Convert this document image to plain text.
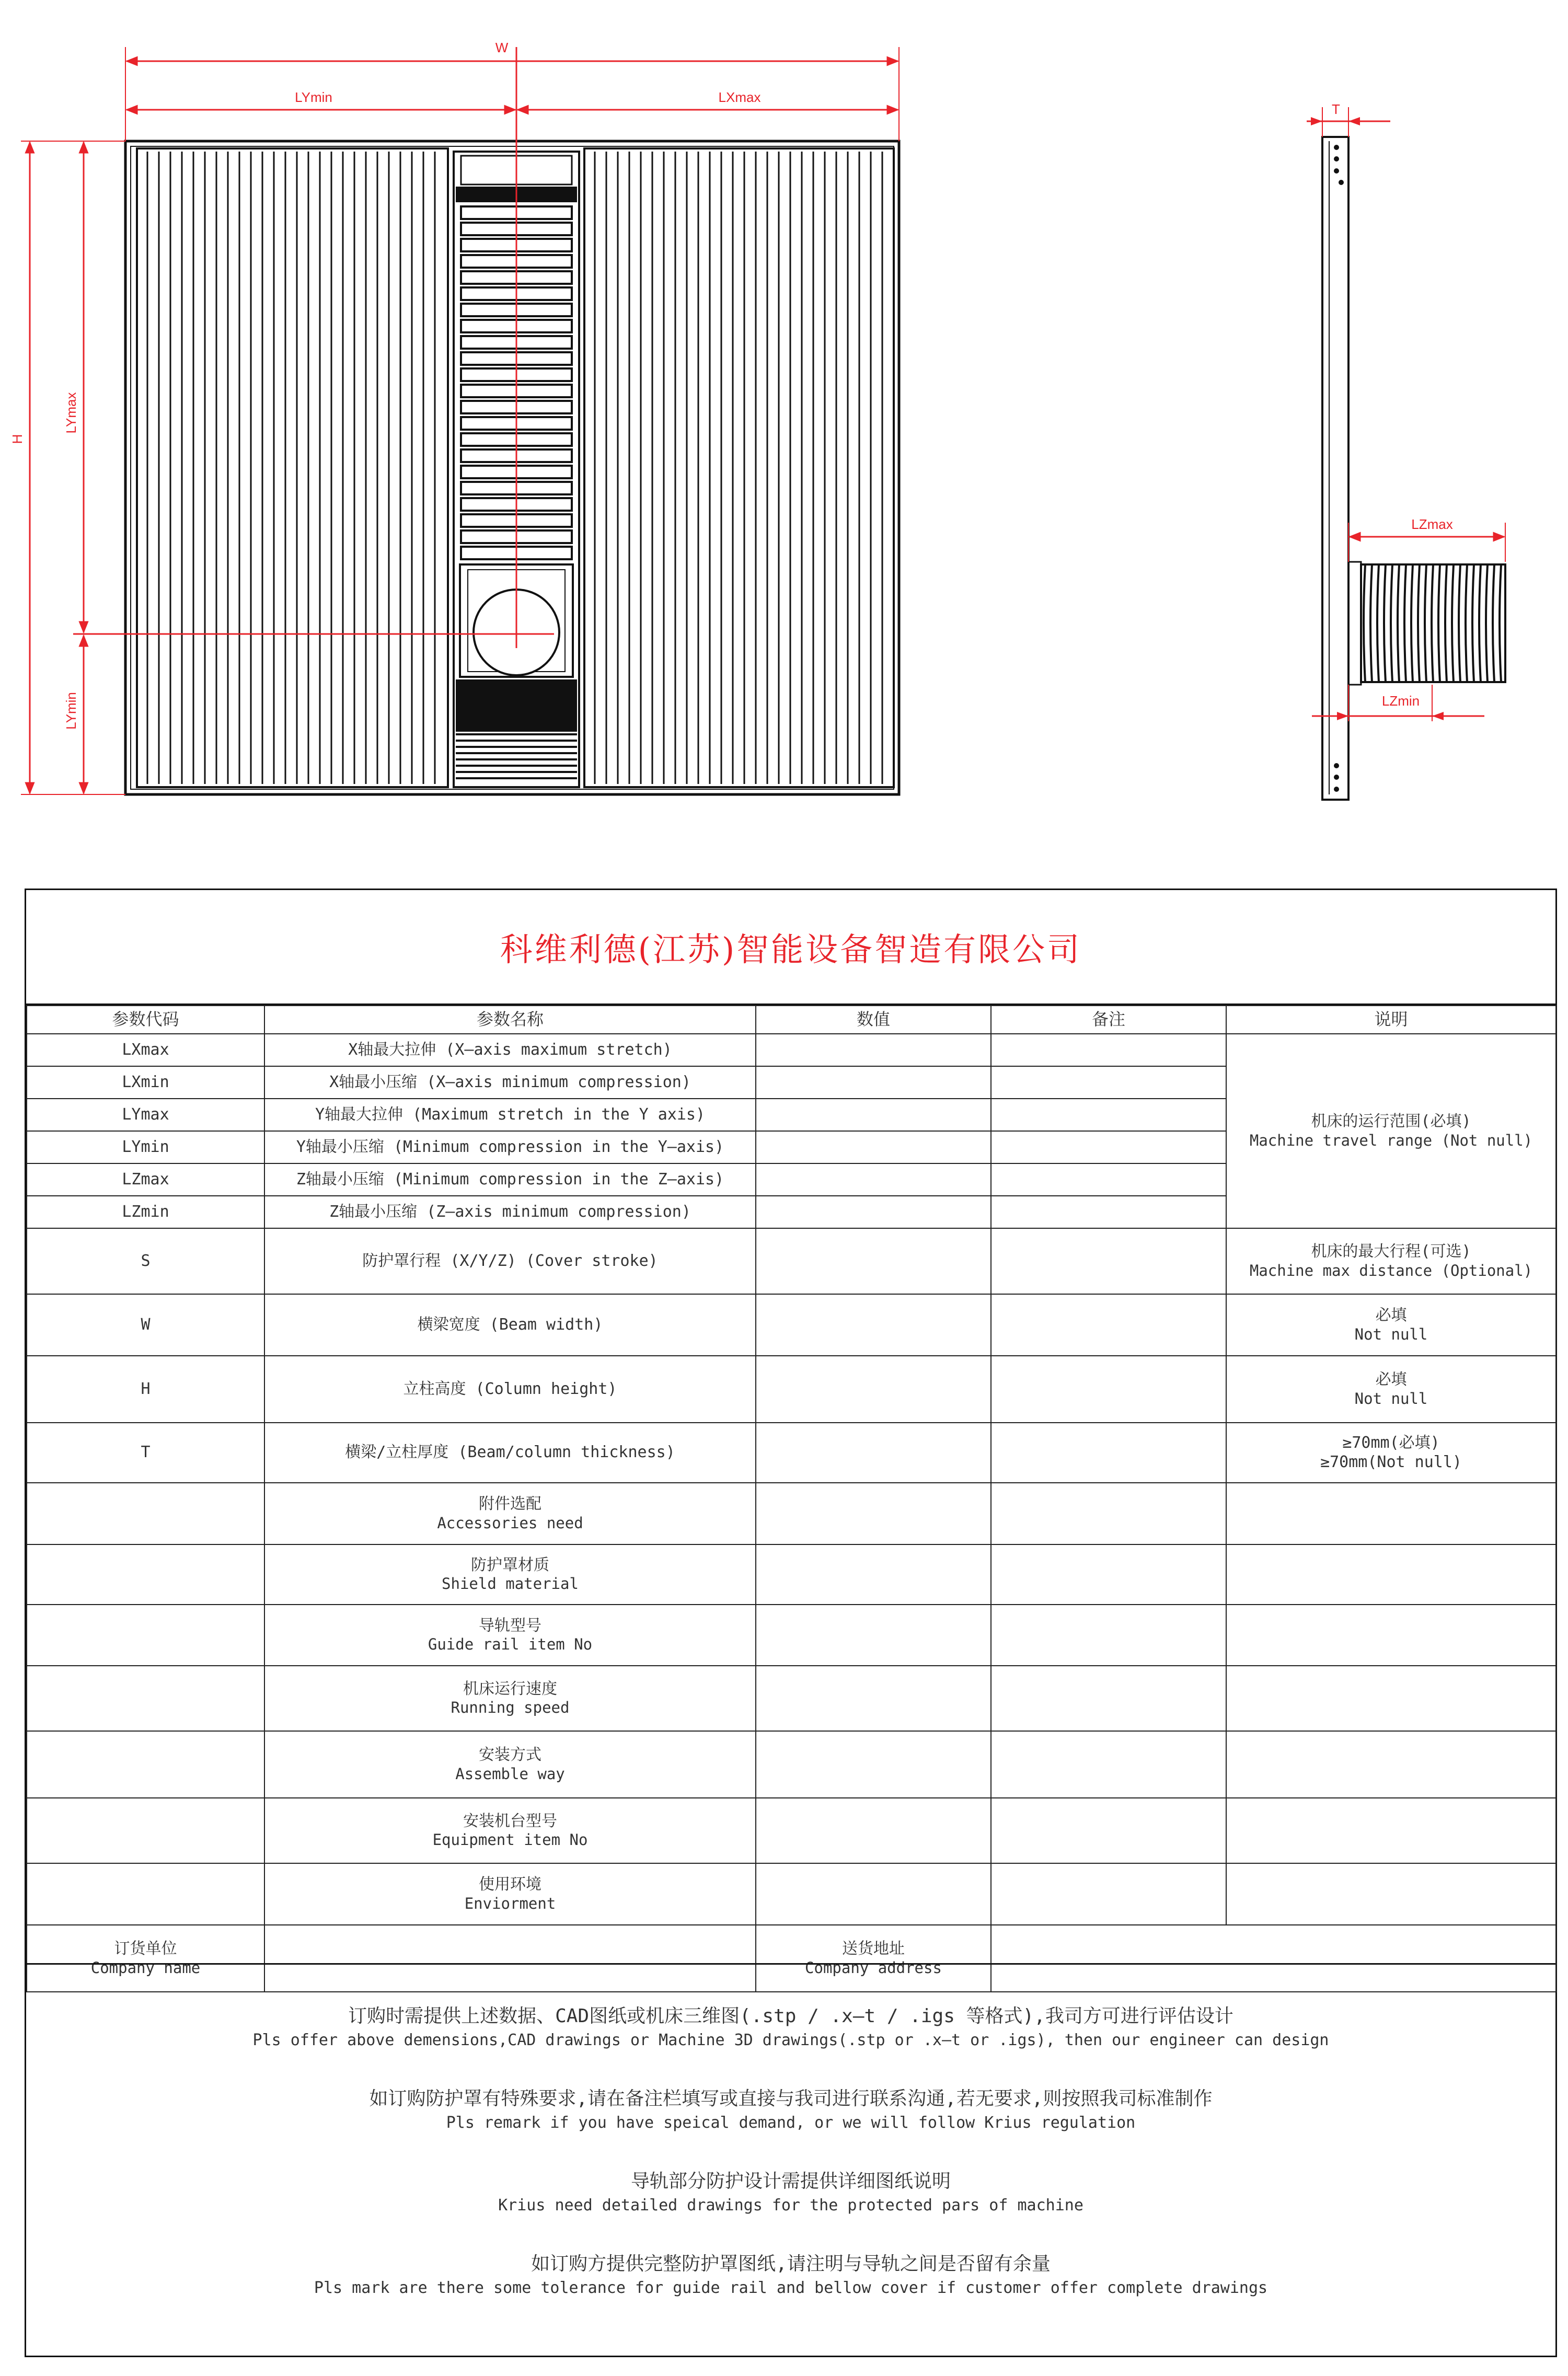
W
LYmin	LXmax
H
LYmax
LYmin
T
LZmax
LZmin
科维利德(江苏)智能设备智造有限公司
参数代码	参数名称	数值	备注	说明
LXmax	X轴最大拉伸 (X—axis maximum stretch)			机床的运行范围(必填)
Machine travel range (Not null)

LXmin	X轴最小压缩 (X—axis minimum compression)			
LYmax	Y轴最大拉伸 (Maximum stretch in the Y axis)			
LYmin	Y轴最小压缩 (Minimum compression in the Y—axis)			
LZmax	Z轴最小压缩 (Minimum compression in the Z—axis)			
LZmin	Z轴最小压缩 (Z—axis minimum compression)			
S	防护罩行程 (X/Y/Z) (Cover stroke)			机床的最大行程(可选)
Machine max distance (Optional)

W	横梁宽度 (Beam width)			必填
Not null

H	立柱高度 (Column height)			必填
Not null

T	横梁/立柱厚度 (Beam/column thickness)			≥70mm(必填)
≥70mm(Not null)

	附件选配
Accessories need			

	防护罩材质
Shield material			

	导轨型号
Guide rail item No			

	机床运行速度
Running speed			

	安装方式
Assemble way			

	安装机台型号
Equipment item No			

	使用环境
Enviorment			

订货单位
Company name		送货地址
Company address		

订购时需提供上述数据、CAD图纸或机床三维图(.stp / .x—t / .igs 等格式),我司方可进行评估设计
Pls offer above demensions,CAD drawings or Machine 3D drawings(.stp or .x—t or .igs), then our engineer can design
如订购防护罩有特殊要求,请在备注栏填写或直接与我司进行联系沟通,若无要求,则按照我司标准制作
Pls remark if you have speical demand, or we will follow Krius regulation
导轨部分防护设计需提供详细图纸说明
Krius need detailed drawings for the protected pars of machine
如订购方提供完整防护罩图纸,请注明与导轨之间是否留有余量
Pls mark are there some tolerance for guide rail and bellow cover if customer offer complete drawings
